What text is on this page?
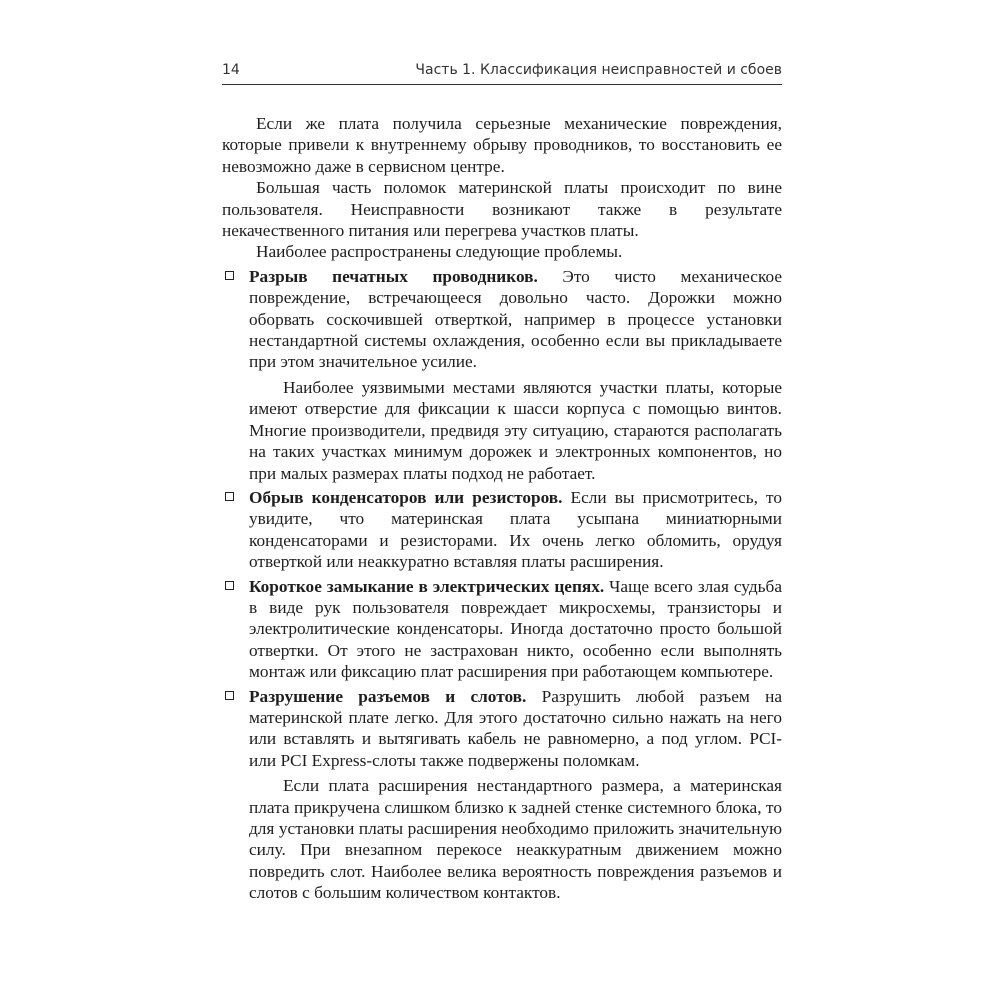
14	Часть 1. Классификация неисправностей и сбоев

Если же плата получила серьезные механические повреждения, которые привели к внутреннему обрыву проводников, то восстановить ее невозможно даже в сервисном центре.

Большая часть поломок материнской платы происходит по вине пользователя. Неисправности возникают также в результате некачественного питания или перегрева участков платы.

Наиболее распространены следующие проблемы.

Разрыв печатных проводников. Это чисто механическое повреждение, встречающееся довольно часто. Дорожки можно оборвать соскочившей отверткой, например в процессе установки нестандартной системы охлаждения, особенно если вы прикладываете при этом значительное усилие.

Наиболее уязвимыми местами являются участки платы, которые имеют отверстие для фиксации к шасси корпуса с помощью винтов. Многие производители, предвидя эту ситуацию, стараются располагать на таких участках минимум дорожек и электронных компонентов, но при малых размерах платы подход не работает.

Обрыв конденсаторов или резисторов. Если вы присмотритесь, то увидите, что материнская плата усыпана миниатюрными конденсаторами и резисторами. Их очень легко обломить, орудуя отверткой или неаккуратно вставляя платы расширения.

Короткое замыкание в электрических цепях. Чаще всего злая судьба в виде рук пользователя повреждает микросхемы, транзисторы и электролитические конденсаторы. Иногда достаточно просто большой отвертки. От этого не застрахован никто, особенно если выполнять монтаж или фиксацию плат расширения при работающем компьютере.

Разрушение разъемов и слотов. Разрушить любой разъем на материнской плате легко. Для этого достаточно сильно нажать на него или вставлять и вытягивать кабель не равномерно, а под углом. PCI- или PCI Express-слоты также подвержены поломкам.

Если плата расширения нестандартного размера, а материнская плата прикручена слишком близко к задней стенке системного блока, то для установки платы расширения необходимо приложить значительную силу. При внезапном перекосе неаккуратным движением можно повредить слот. Наиболее велика вероятность повреждения разъемов и слотов с большим количеством контактов.
